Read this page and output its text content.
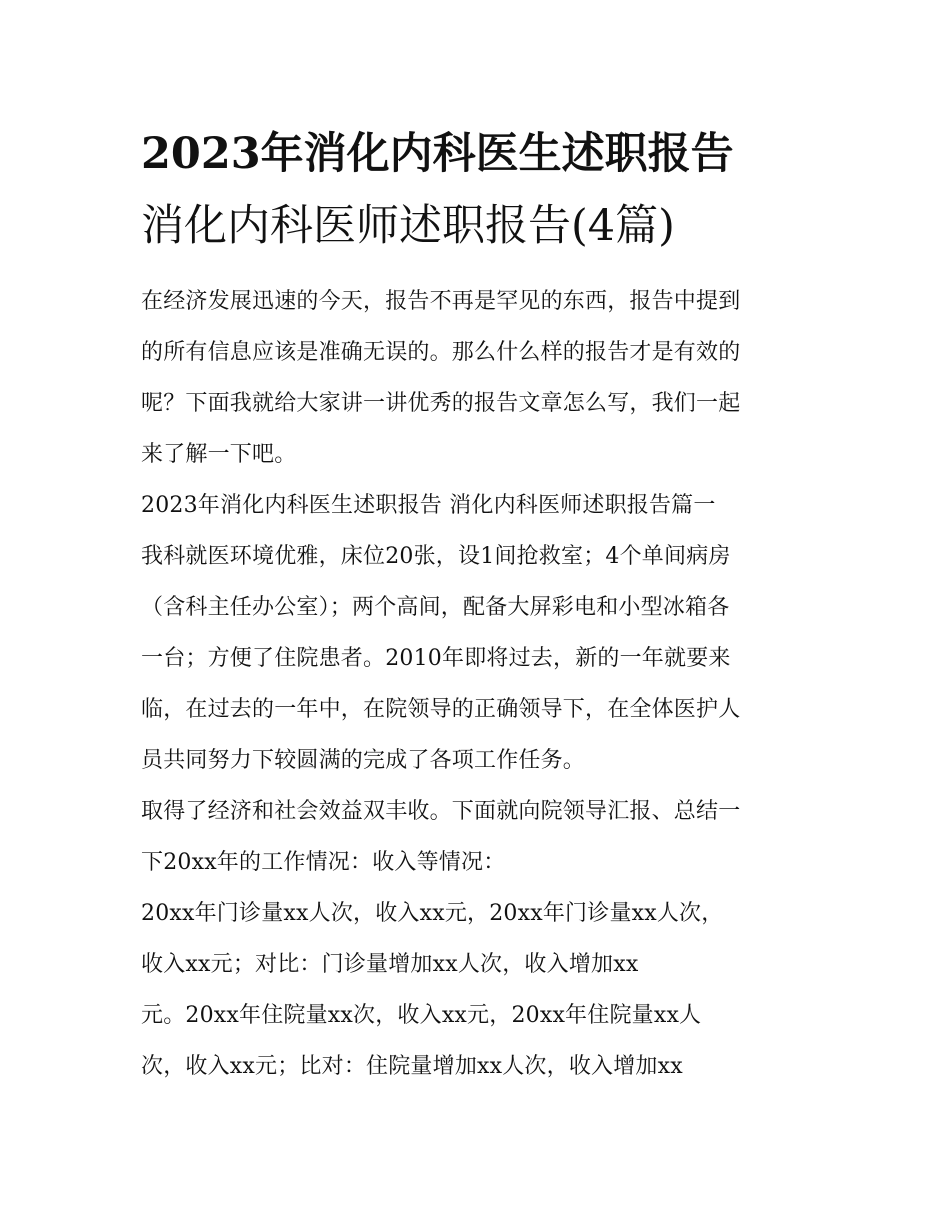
2023年消化内科医生述职报告
消化内科医师述职报告(4篇)
在经济发展迅速的今天，报告不再是罕见的东西，报告中提到
的所有信息应该是准确无误的。那么什么样的报告才是有效的
呢？下面我就给大家讲一讲优秀的报告文章怎么写，我们一起
来了解一下吧。
2023年消化内科医生述职报告 消化内科医师述职报告篇一
我科就医环境优雅，床位20张，设1间抢救室；4个单间病房
（含科主任办公室）；两个高间，配备大屏彩电和小型冰箱各
一台；方便了住院患者。2010年即将过去，新的一年就要来
临，在过去的一年中，在院领导的正确领导下，在全体医护人
员共同努力下较圆满的完成了各项工作任务。
取得了经济和社会效益双丰收。下面就向院领导汇报、总结一
下20xx年的工作情况：收入等情况：
20xx年门诊量xx人次，收入xx元，20xx年门诊量xx人次，
收入xx元；对比：门诊量增加xx人次，收入增加xx
元。20xx年住院量xx次，收入xx元，20xx年住院量xx人
次，收入xx元；比对：住院量增加xx人次，收入增加xx
